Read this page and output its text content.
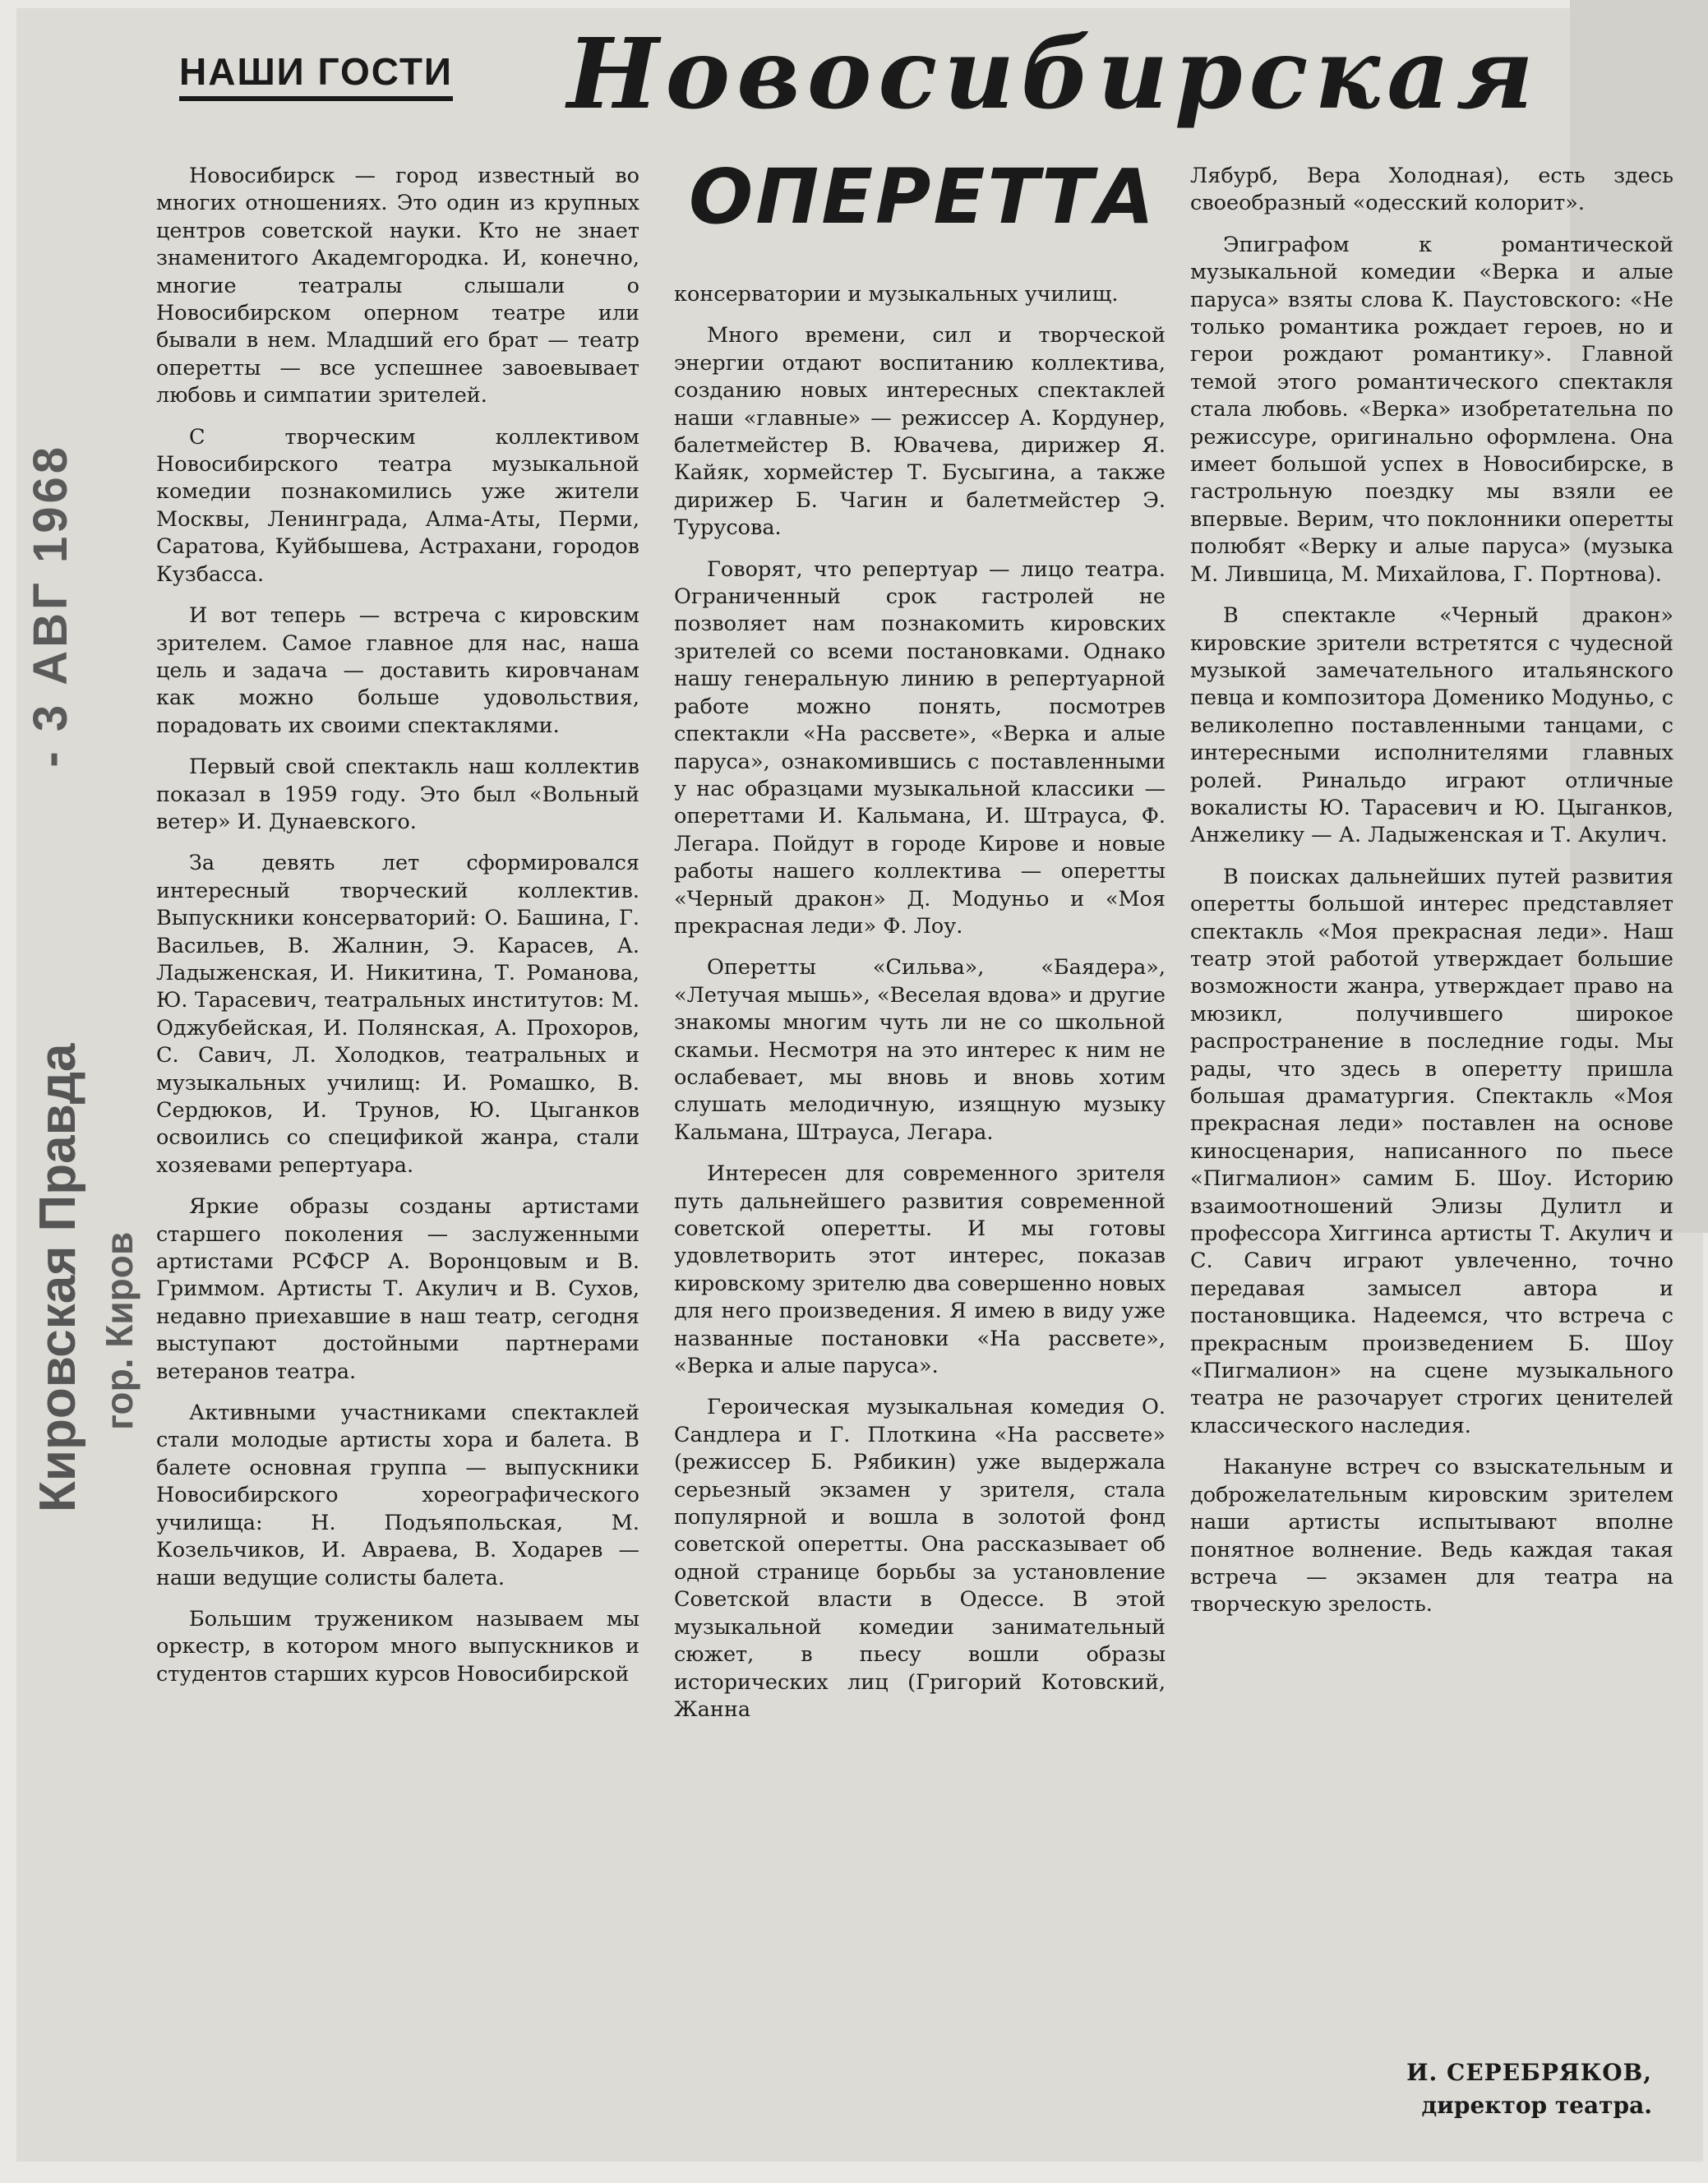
- 3 АВГ 1968
Кировская Правда гор. Киров
НАШИ ГОСТИ Новосибирская
ОПЕРЕТТА

Новосибирск — город известный во многих отношениях. Это один из крупных центров советской науки. Кто не знает знаменитого Академгородка. И, конечно, многие театралы слышали о Новосибирском оперном театре или бывали в нем. Младший его брат — театр оперетты — все успешнее завоевывает любовь и симпатии зрителей.

С творческим коллективом Новосибирского театра музыкальной комедии познакомились уже жители Москвы, Ленинграда, Алма-Аты, Перми, Саратова, Куйбышева, Астрахани, городов Кузбасса.

И вот теперь — встреча с кировским зрителем. Самое главное для нас, наша цель и задача — доставить кировчанам как можно больше удовольствия, порадовать их своими спектаклями.

Первый свой спектакль наш коллектив показал в 1959 году. Это был «Вольный ветер» И. Дунаевского.

За девять лет сформировался интересный творческий коллектив. Выпускники консерваторий: О. Башина, Г. Васильев, В. Жалнин, Э. Карасев, А. Ладыженская, И. Никитина, Т. Романова, Ю. Тарасевич, театральных институтов: М. Оджубейская, И. Полянская, А. Прохоров, С. Савич, Л. Холодков, театральных и музыкальных училищ: И. Ромашко, В. Сердюков, И. Трунов, Ю. Цыганков освоились со спецификой жанра, стали хозяевами репертуара.

Яркие образы созданы артистами старшего поколения — заслуженными артистами РСФСР А. Воронцовым и В. Гриммом. Артисты Т. Акулич и В. Сухов, недавно приехавшие в наш театр, сегодня выступают достойными партнерами ветеранов театра.

Активными участниками спектаклей стали молодые артисты хора и балета. В балете основная группа — выпускники Новосибирского хореографического училища: Н. Подъяпольская, М. Козельчиков, И. Авраева, В. Ходарев — наши ведущие солисты балета.

Большим тружеником называем мы оркестр, в котором много выпускников и студентов старших курсов Новосибирской

консерватории и музыкальных училищ.

Много времени, сил и творческой энергии отдают воспитанию коллектива, созданию новых интересных спектаклей наши «главные» — режиссер А. Кордунер, балетмейстер В. Ювачева, дирижер Я. Кайяк, хормейстер Т. Бусыгина, а также дирижер Б. Чагин и балетмейстер Э. Турусова.

Говорят, что репертуар — лицо театра. Ограниченный срок гастролей не позволяет нам познакомить кировских зрителей со всеми постановками. Однако нашу генеральную линию в репертуарной работе можно понять, посмотрев спектакли «На рассвете», «Верка и алые паруса», ознакомившись с поставленными у нас образцами музыкальной классики — опереттами И. Кальмана, И. Штрауса, Ф. Легара. Пойдут в городе Кирове и новые работы нашего коллектива — оперетты «Черный дракон» Д. Модуньо и «Моя прекрасная леди» Ф. Лоу.

Оперетты «Сильва», «Баядера», «Летучая мышь», «Веселая вдова» и другие знакомы многим чуть ли не со школьной скамьи. Несмотря на это интерес к ним не ослабевает, мы вновь и вновь хотим слушать мелодичную, изящную музыку Кальмана, Штрауса, Легара.

Интересен для современного зрителя путь дальнейшего развития современной советской оперетты. И мы готовы удовлетворить этот интерес, показав кировскому зрителю два совершенно новых для него произведения. Я имею в виду уже названные постановки «На рассвете», «Верка и алые паруса».

Героическая музыкальная комедия О. Сандлера и Г. Плоткина «На рассвете» (режиссер Б. Рябикин) уже выдержала серьезный экзамен у зрителя, стала популярной и вошла в золотой фонд советской оперетты. Она рассказывает об одной странице борьбы за установление Советской власти в Одессе. В этой музыкальной комедии занимательный сюжет, в пьесу вошли образы исторических лиц (Григорий Котовский, Жанна

Лябурб, Вера Холодная), есть здесь своеобразный «одесский колорит».

Эпиграфом к романтической музыкальной комедии «Верка и алые паруса» взяты слова К. Паустовского: «Не только романтика рождает героев, но и герои рождают романтику». Главной темой этого романтического спектакля стала любовь. «Верка» изобретательна по режиссуре, оригинально оформлена. Она имеет большой успех в Новосибирске, в гастрольную поездку мы взяли ее впервые. Верим, что поклонники оперетты полюбят «Верку и алые паруса» (музыка М. Лившица, М. Михайлова, Г. Портнова).

В спектакле «Черный дракон» кировские зрители встретятся с чудесной музыкой замечательного итальянского певца и композитора Доменико Модуньо, с великолепно поставленными танцами, с интересными исполнителями главных ролей. Ринальдо играют отличные вокалисты Ю. Тарасевич и Ю. Цыганков, Анжелику — А. Ладыженская и Т. Акулич.

В поисках дальнейших путей развития оперетты большой интерес представляет спектакль «Моя прекрасная леди». Наш театр этой работой утверждает большие возможности жанра, утверждает право на мюзикл, получившего широкое распространение в последние годы. Мы рады, что здесь в оперетту пришла большая драматургия. Спектакль «Моя прекрасная леди» поставлен на основе киносценария, написанного по пьесе «Пигмалион» самим Б. Шоу. Историю взаимоотношений Элизы Дулитл и профессора Хиггинса артисты Т. Акулич и С. Савич играют увлеченно, точно передавая замысел автора и постановщика. Надеемся, что встреча с прекрасным произведением Б. Шоу «Пигмалион» на сцене музыкального театра не разочарует строгих ценителей классического наследия.

Накануне встреч со взыскательным и доброжелательным кировским зрителем наши артисты испытывают вполне понятное волнение. Ведь каждая такая встреча — экзамен для театра на творческую зрелость.

И. СЕРЕБРЯКОВ,
директор театра.
